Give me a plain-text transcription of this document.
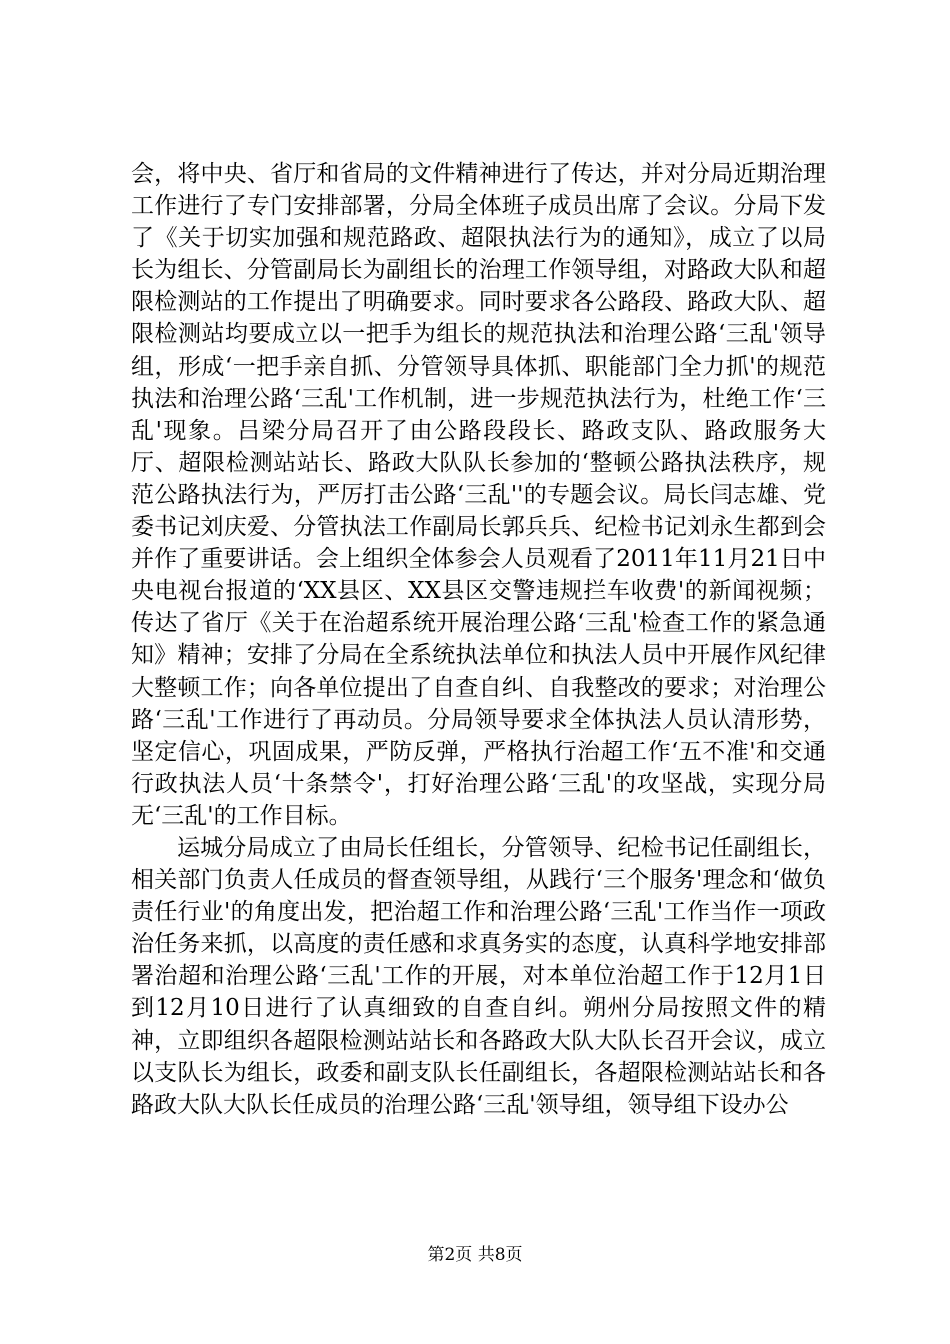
会，将中央、省厅和省局的文件精神进行了传达，并对分局近期治理工作进行了专门安排部署，分局全体班子成员出席了会议。分局下发了《关于切实加强和规范路政、超限执法行为的通知》，成立了以局长为组长、分管副局长为副组长的治理工作领导组，对路政大队和超限检测站的工作提出了明确要求。同时要求各公路段、路政大队、超限检测站均要成立以一把手为组长的规范执法和治理公路‘三乱'领导组，形成‘一把手亲自抓、分管领导具体抓、职能部门全力抓'的规范执法和治理公路‘三乱'工作机制，进一步规范执法行为，杜绝工作‘三乱'现象。吕梁分局召开了由公路段段长、路政支队、路政服务大厅、超限检测站站长、路政大队队长参加的‘整顿公路执法秩序，规范公路执法行为，严厉打击公路‘三乱''的专题会议。局长闫志雄、党委书记刘庆爱、分管执法工作副局长郭兵兵、纪检书记刘永生都到会并作了重要讲话。会上组织全体参会人员观看了2011年11月21日中央电视台报道的‘XX县区、XX县区交警违规拦车收费'的新闻视频；传达了省厅《关于在治超系统开展治理公路‘三乱'检查工作的紧急通知》精神；安排了分局在全系统执法单位和执法人员中开展作风纪律大整顿工作；向各单位提出了自查自纠、自我整改的要求；对治理公路‘三乱'工作进行了再动员。分局领导要求全体执法人员认清形势，坚定信心，巩固成果，严防反弹，严格执行治超工作‘五不准'和交通行政执法人员‘十条禁令'，打好治理公路‘三乱'的攻坚战，实现分局无‘三乱'的工作目标。

运城分局成立了由局长任组长，分管领导、纪检书记任副组长，相关部门负责人任成员的督查领导组，从践行‘三个服务'理念和‘做负责任行业'的角度出发，把治超工作和治理公路‘三乱'工作当作一项政治任务来抓，以高度的责任感和求真务实的态度，认真科学地安排部署治超和治理公路‘三乱'工作的开展，对本单位治超工作于12月1日到12月10日进行了认真细致的自查自纠。朔州分局按照文件的精神，立即组织各超限检测站站长和各路政大队大队长召开会议，成立以支队长为组长，政委和副支队长任副组长，各超限检测站站长和各路政大队大队长任成员的治理公路‘三乱'领导组，领导组下设办公

第2页 共8页
